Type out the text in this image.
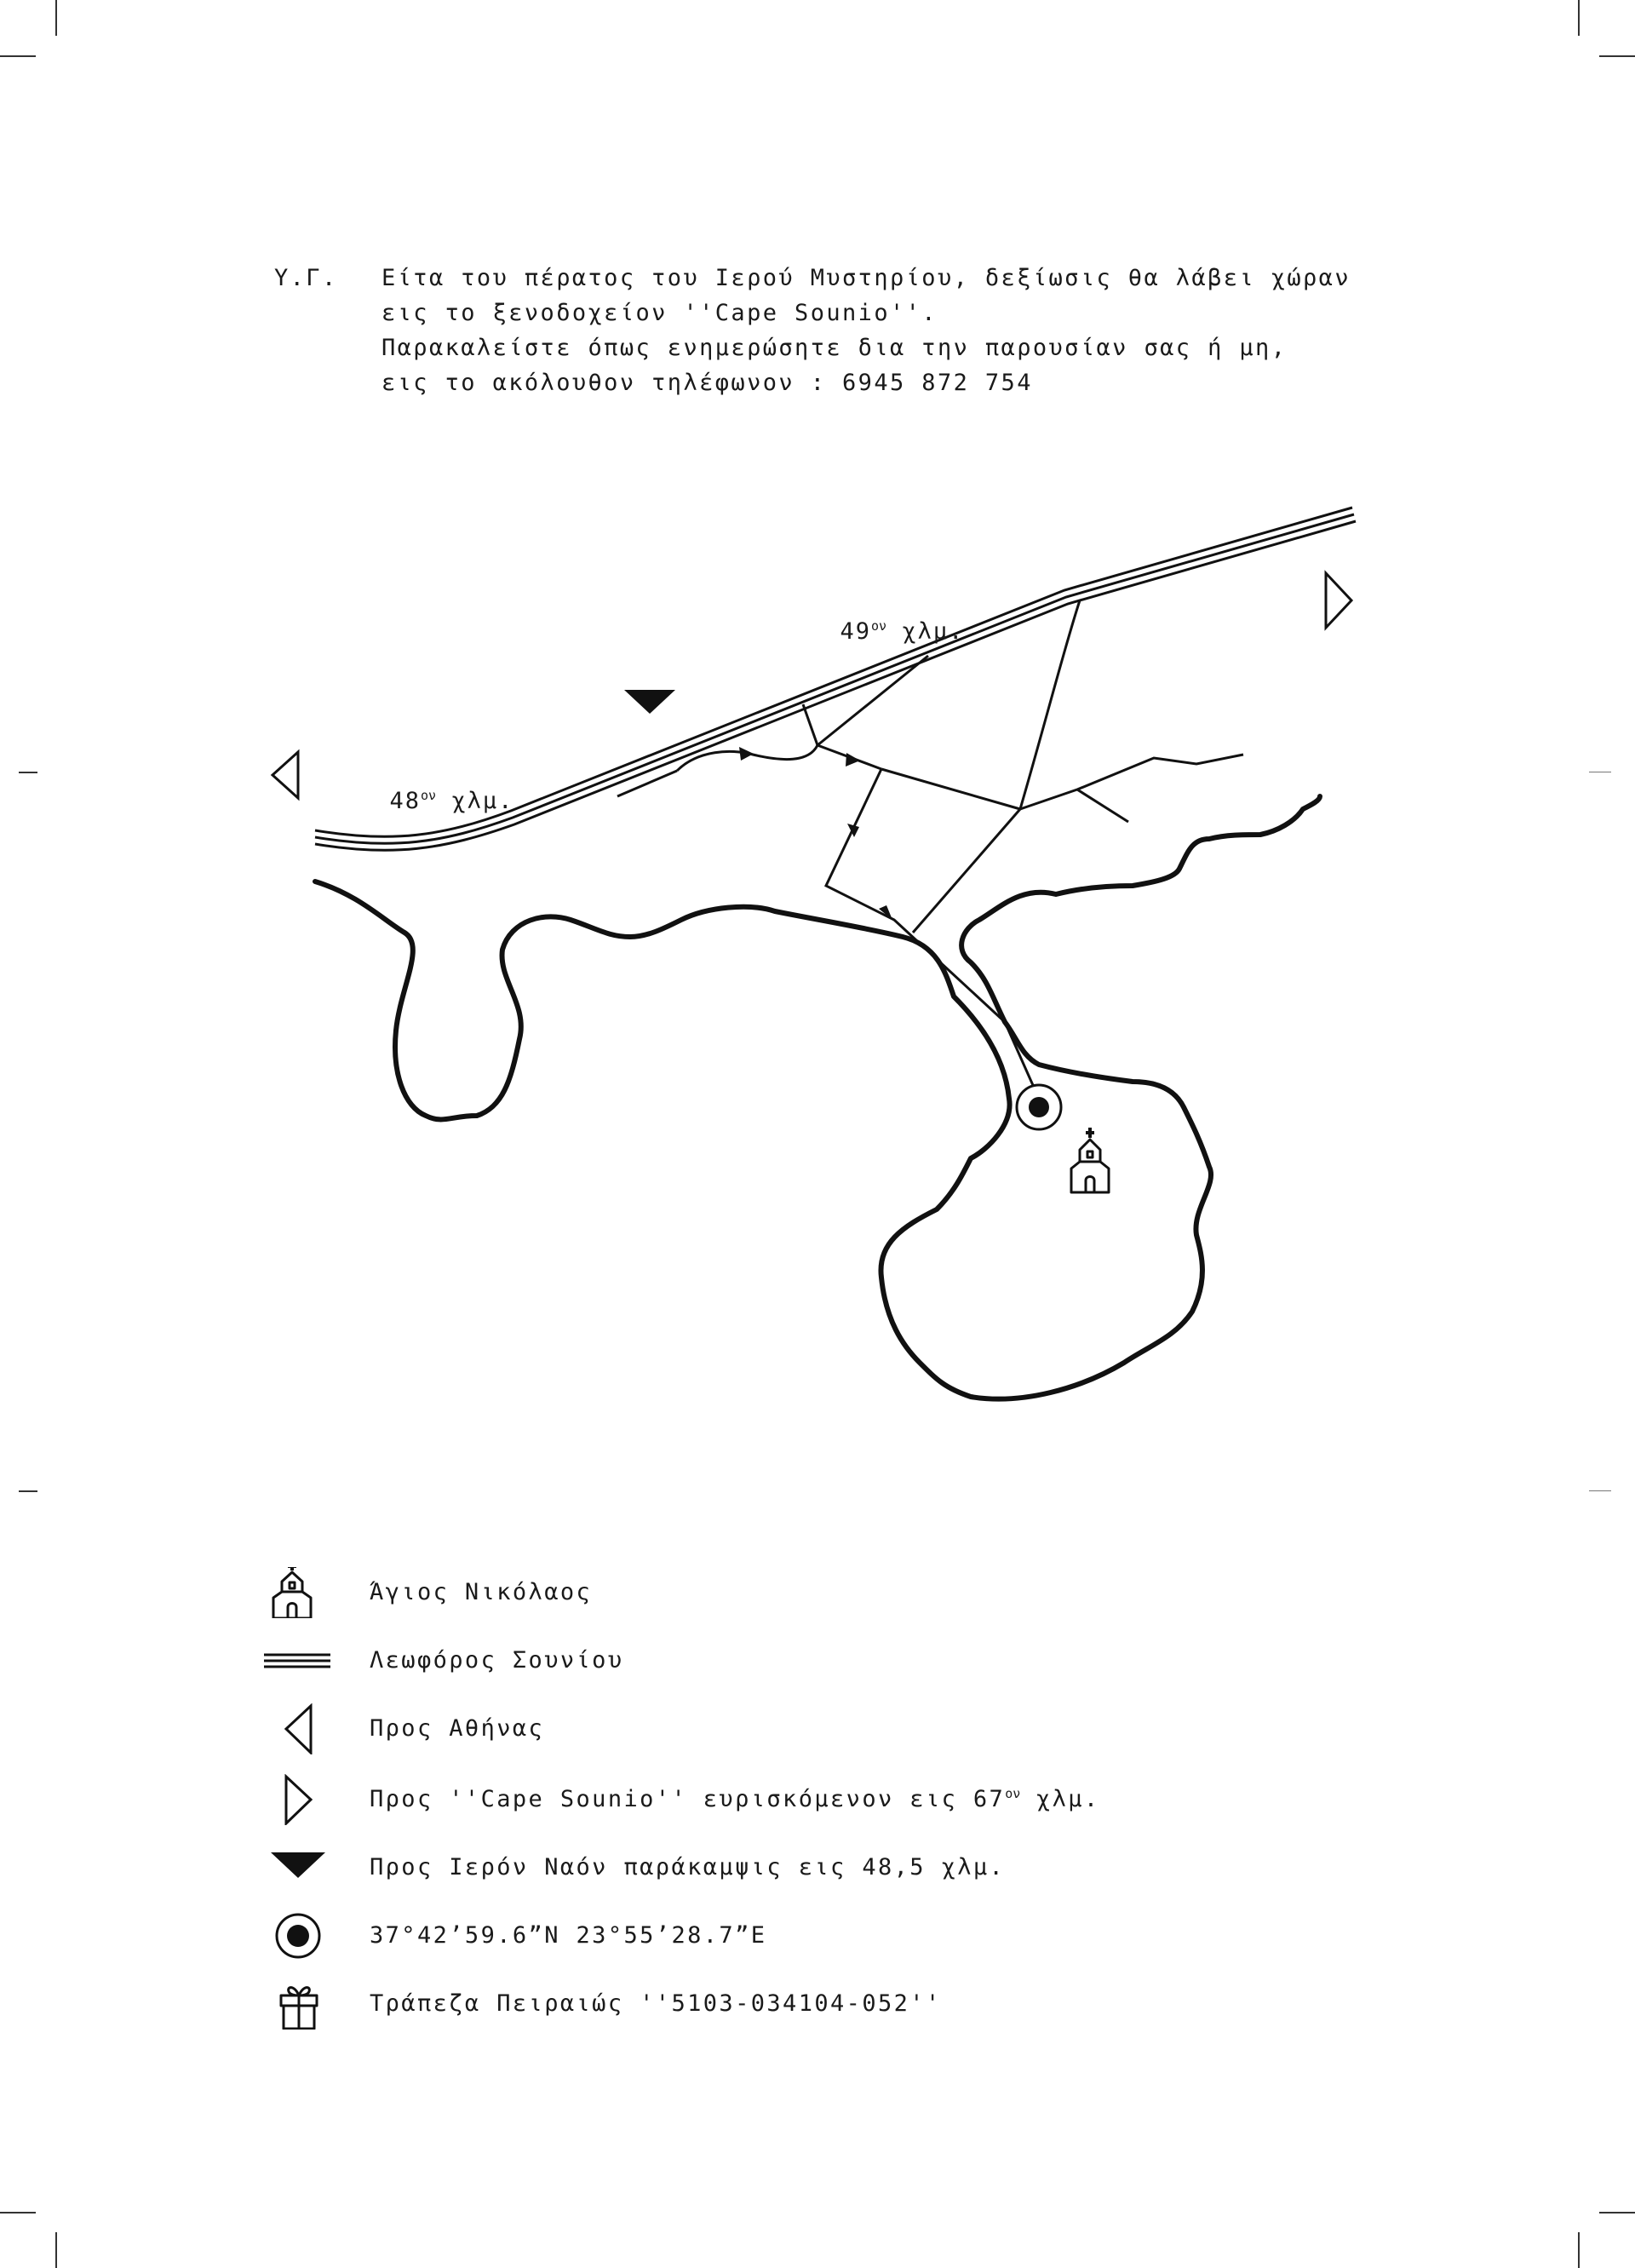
Υ.Γ.

Είτα του πέρατος του Ιερού Μυστηρίου, δεξίωσις θα λάβει χώραν

εις το ξενοδοχείον ''Cape Sounio''.

Παρακαλείστε όπως ενημερώσητε δια την παρουσίαν σας ή μη,

εις το ακόλουθον τηλέφωνον : 6945 872 754

$48^{o\nu}$ χλμ.

$49^{o\nu}$ χλμ.

Άγιος Νικόλαος
Λεωφόρος Σουνίου
Προς Αθήνας
Προς ''Cape Sounio'' ευρισκόμενον εις $67^{o\nu}$ χλμ.
Προς Ιερόν Ναόν παράκαμψις εις 48,5 χλμ.
37°42’59.6”N 23°55’28.7”E
Τράπεζα Πειραιώς ''5103-034104-052''
